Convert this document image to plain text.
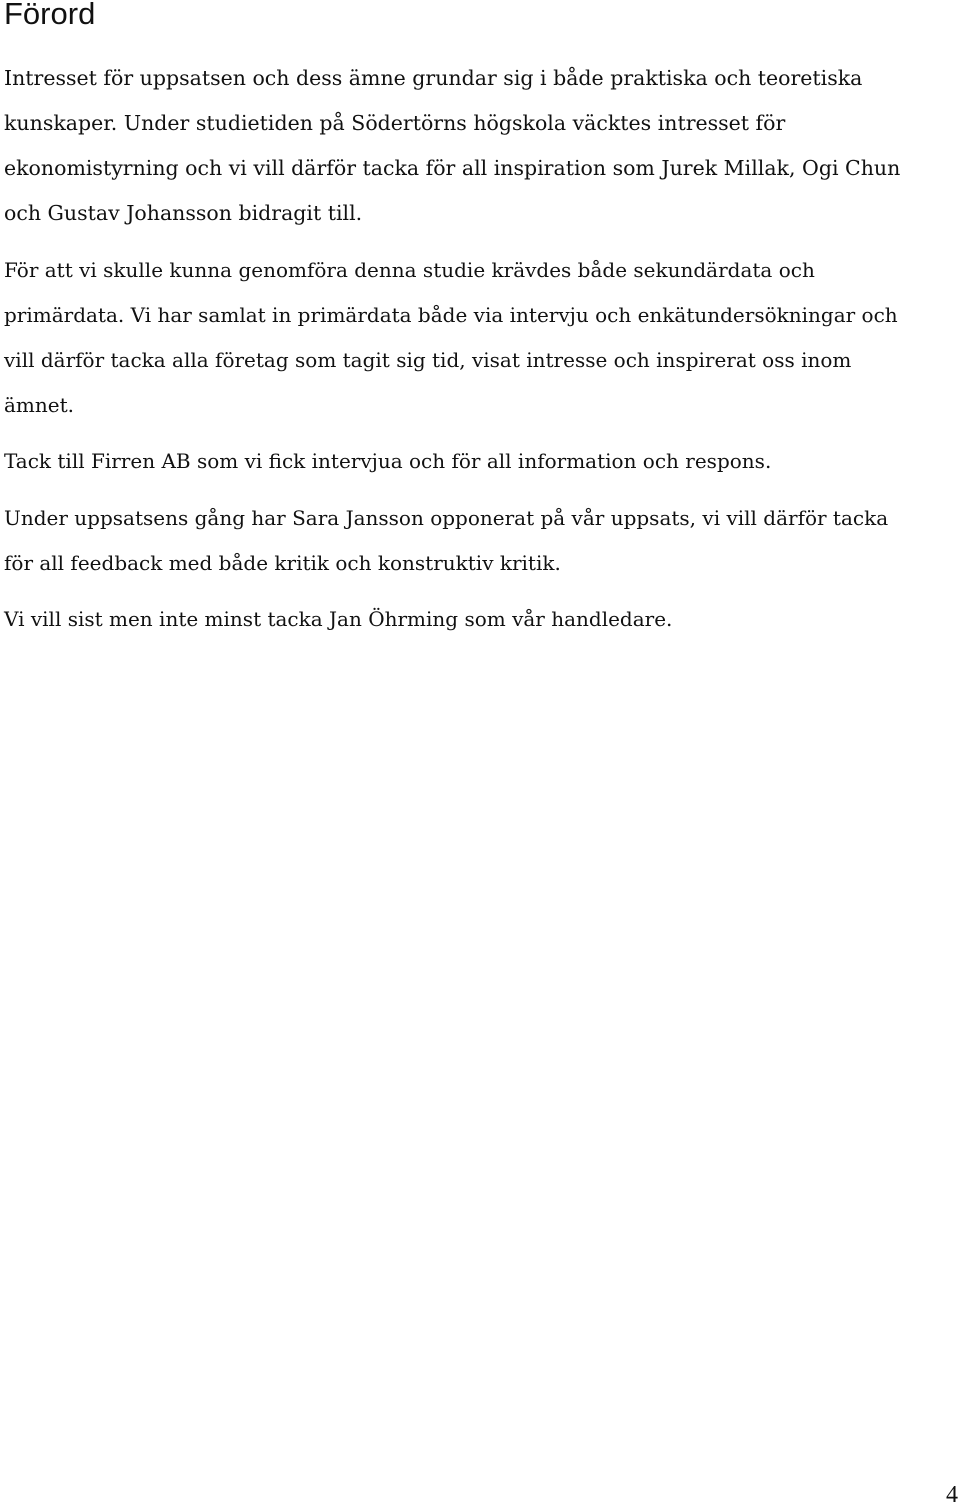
Förord

Intresset för uppsatsen och dess ämne grundar sig i både praktiska och teoretiska
kunskaper. Under studietiden på Södertörns högskola väcktes intresset för
ekonomistyrning och vi vill därför tacka för all inspiration som Jurek Millak, Ogi Chun
och Gustav Johansson bidragit till.

För att vi skulle kunna genomföra denna studie krävdes både sekundärdata och
primärdata. Vi har samlat in primärdata både via intervju och enkätundersökningar och
vill därför tacka alla företag som tagit sig tid, visat intresse och inspirerat oss inom
ämnet.

Tack till Firren AB som vi fick intervjua och för all information och respons.

Under uppsatsens gång har Sara Jansson opponerat på vår uppsats, vi vill därför tacka
för all feedback med både kritik och konstruktiv kritik.

Vi vill sist men inte minst tacka Jan Öhrming som vår handledare.

4
